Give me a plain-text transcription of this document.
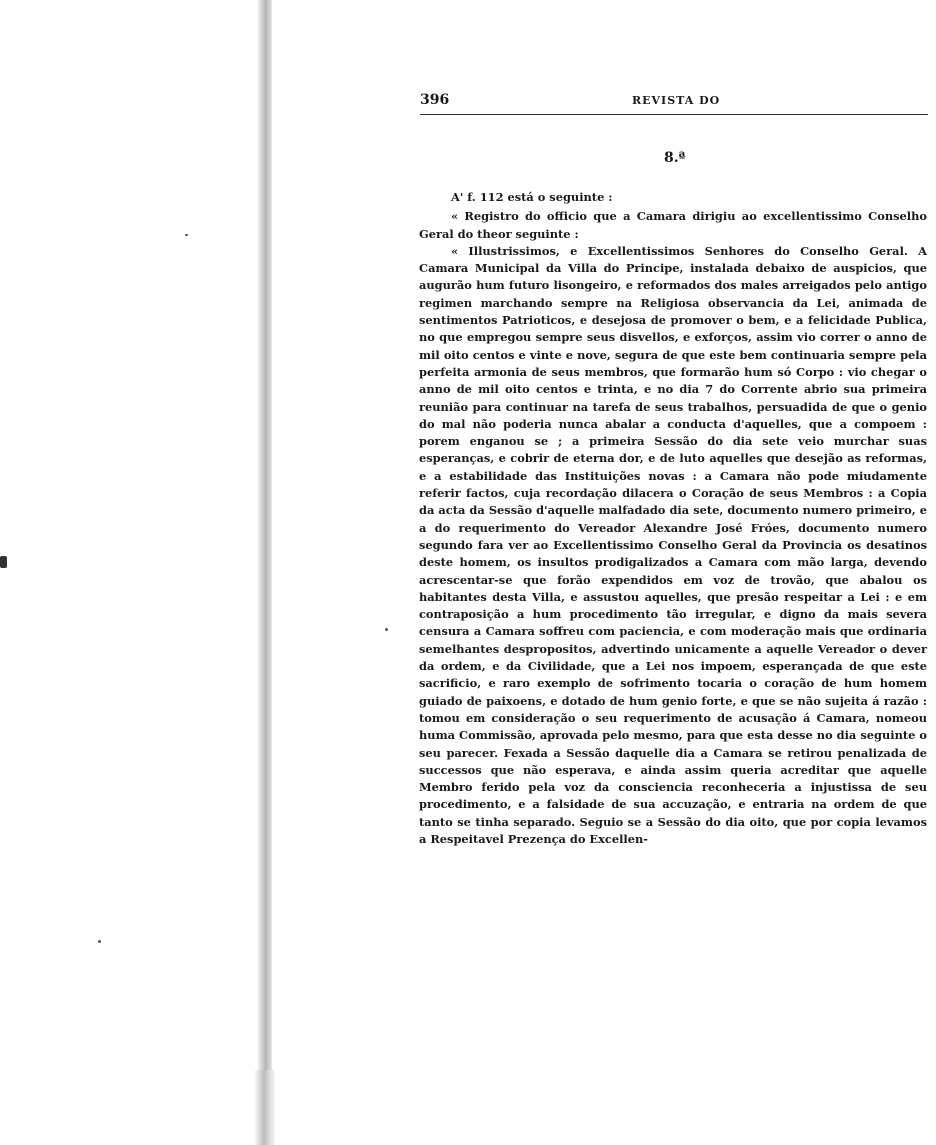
396	REVISTA DO
8.ª

A' f. 112 está o seguinte :

« Registro do officio que a Camara dirigiu ao excellentissimo Conselho Geral do theor seguinte :

« Illustrissimos, e Excellentissimos Senhores do Conselho Geral. A Camara Municipal da Villa do Principe, instalada debaixo de auspicios, que augurão hum futuro lisongeiro, e reformados dos males arreigados pelo antigo regimen marchando sempre na Religiosa observancia da Lei, animada de sentimentos Patrioticos, e desejosa de promover o bem, e a felicidade Publica, no que empregou sempre seus disvellos, e exforços, assim vio correr o anno de mil oito centos e vinte e nove, segura de que este bem continuaria sempre pela perfeita armonia de seus membros, que formarão hum só Corpo : vio chegar o anno de mil oito centos e trinta, e no dia 7 do Corrente abrio sua primeira reunião para continuar na tarefa de seus trabalhos, persuadida de que o genio do mal não poderia nunca abalar a conducta d'aquelles, que a compoem : porem enganou se ; a primeira Sessão do dia sete veio murchar suas esperanças, e cobrir de eterna dor, e de luto aquelles que desejão as reformas, e a estabilidade das Instituições novas : a Camara não pode miudamente referir factos, cuja recordação dilacera o Coração de seus Membros : a Copia da acta da Sessão d'aquelle malfadado dia sete, documento numero primeiro, e a do requerimento do Vereador Alexandre José Fróes, documento numero segundo fara ver ao Excellentissimo Conselho Geral da Provincia os desatinos deste homem, os insultos prodigalizados a Camara com mão larga, devendo acrescentar-se que forão expendidos em voz de trovão, que abalou os habitantes desta Villa, e assustou aquelles, que presão respeitar a Lei : e em contraposição a hum procedimento tão irregular, e digno da mais severa censura a Camara soffreu com paciencia, e com moderação mais que ordinaria semelhantes despropositos, advertindo unicamente a aquelle Vereador o dever da ordem, e da Civilidade, que a Lei nos impoem, esperançada de que este sacrificio, e raro exemplo de sofrimento tocaria o coração de hum homem guiado de paixoens, e dotado de hum genio forte, e que se não sujeita á razão : tomou em consideração o seu requerimento de acusação á Camara, nomeou huma Commissão, aprovada pelo mesmo, para que esta desse no dia seguinte o seu parecer. Fexada a Sessão daquelle dia a Camara se retirou penalizada de successos que não esperava, e ainda assim queria acreditar que aquelle Membro ferido pela voz da consciencia reconheceria a injustissa de seu procedimento, e a falsidade de sua accuzação, e entraria na ordem de que tanto se tinha separado. Seguio se a Sessão do dia oito, que por copia levamos a Respeitavel Prezença do Excellen-
